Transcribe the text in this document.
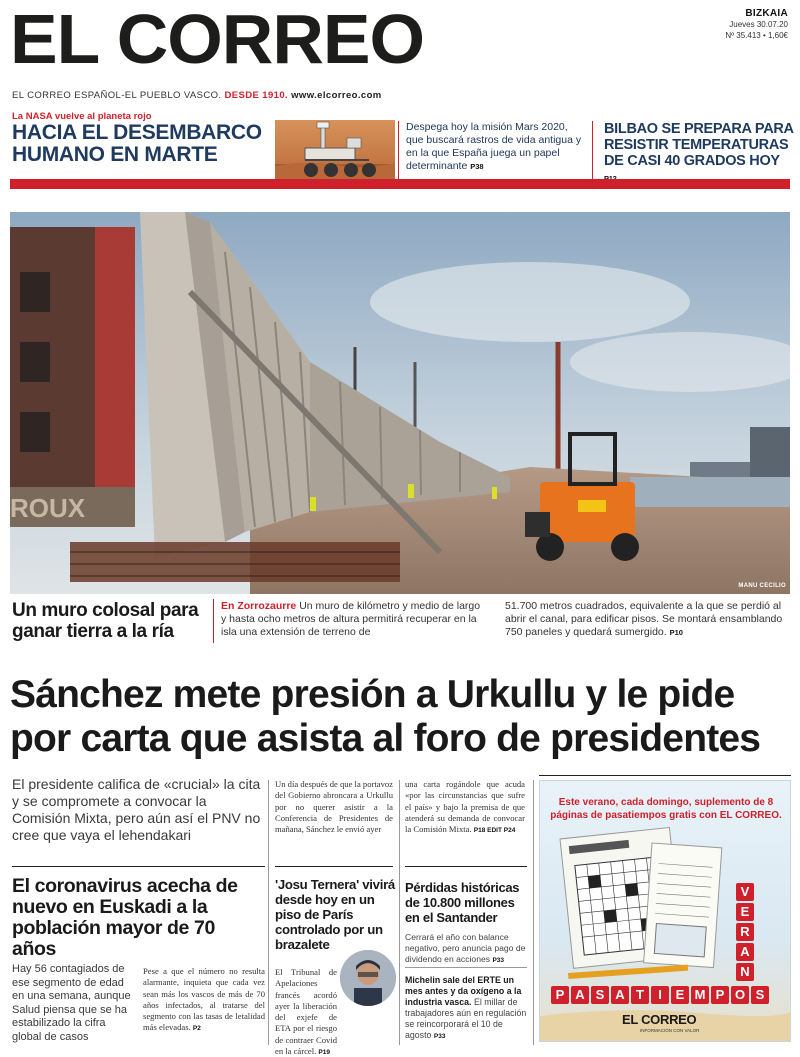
EL CORREO
EL CORREO ESPAÑOL-EL PUEBLO VASCO. DESDE 1910. www.elcorreo.com
BIZKAIA
Jueves 30.07.20
Nº 35.413 • 1,60€
La NASA vuelve al planeta rojo
HACIA EL DESEMBARCO HUMANO EN MARTE
Despega hoy la misión Mars 2020, que buscará rastros de vida antigua y en la que España juega un papel determinante P38
BILBAO SE PREPARA PARA RESISTIR TEMPERATURAS DE CASI 40 GRADOS HOY
ROUX
MANU CECILIO
Un muro colosal para ganar tierra a la ría
En Zorrozaurre Un muro de kilómetro y medio de largo y hasta ocho metros de altura permitirá recuperar en la isla una extensión de terreno de
51.700 metros cuadrados, equivalente a la que se perdió al abrir el canal, para edificar pisos. Se montará ensamblando 750 paneles y quedará sumergido. P10
Sánchez mete presión a Urkullu y le pide por carta que asista al foro de presidentes
El presidente califica de «crucial» la cita y se compromete a convocar la Comisión Mixta, pero aún así el PNV no cree que vaya el lehendakari
Un día después de que la portavoz del Gobierno abroncara a Urkullu por no querer asistir a la Conferencia de Presidentes de mañana, Sánchez le envió ayer
una carta rogándole que acuda «por las circunstancias que sufre el país» y bajo la premisa de que atenderá su demanda de convocar la Comisión Mixta. P18 EDIT P24
El coronavirus acecha de nuevo en Euskadi a la población mayor de 70 años
Hay 56 contagiados de ese segmento de edad en una semana, aunque Salud piensa que se ha estabilizado la cifra global de casos
Pese a que el número no resulta alarmante, inquieta que cada vez sean más los vascos de más de 70 años infectados, al tratarse del segmento con las tasas de letalidad más elevadas. P2
'Josu Ternera' vivirá desde hoy en un piso de París controlado por un brazalete
El Tribunal de Apelaciones francés acordó ayer la liberación del exjefe de ETA por el riesgo de contraer Covid en la cárcel. P19
Pérdidas históricas de 10.800 millones en el Santander
Cerrará el año con balance negativo, pero anuncia pago de dividendo en acciones P33
Michelin sale del ERTE un mes antes y da oxígeno a la industria vasca. El millar de trabajadores aún en regulación se reincorporará el 10 de agosto P33
Este verano, cada domingo, suplemento de 8 páginas de pasatiempos gratis con EL CORREO.
V
E
R
A
N
P A S A T	I	E M P O S
EL CORREO
INFORMACIÓN CON VALOR
